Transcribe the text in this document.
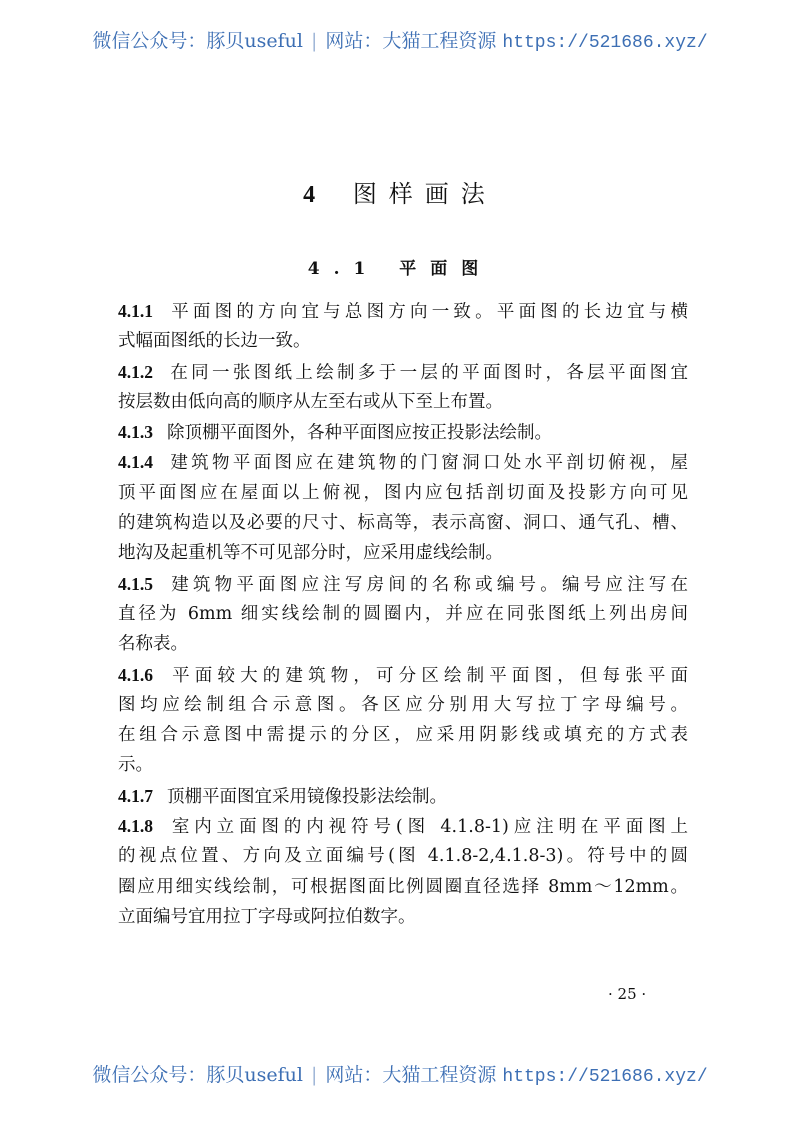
微信公众号：豚贝useful | 网站：大猫工程资源 https://521686.xyz/
4 图样画法
4.1 平面图
4.1.1 平面图的方向宜与总图方向一致。平面图的长边宜与横
式幅面图纸的长边一致。
4.1.2 在同一张图纸上绘制多于一层的平面图时，各层平面图宜
按层数由低向高的顺序从左至右或从下至上布置。
4.1.3 除顶棚平面图外，各种平面图应按正投影法绘制。
4.1.4 建筑物平面图应在建筑物的门窗洞口处水平剖切俯视，屋
顶平面图应在屋面以上俯视，图内应包括剖切面及投影方向可见
的建筑构造以及必要的尺寸、标高等，表示高窗、洞口、通气孔、槽、
地沟及起重机等不可见部分时，应采用虚线绘制。
4.1.5 建筑物平面图应注写房间的名称或编号。编号应注写在
直径为 6mm 细实线绘制的圆圈内，并应在同张图纸上列出房间
名称表。
4.1.6 平面较大的建筑物，可分区绘制平面图，但每张平面
图均应绘制组合示意图。各区应分别用大写拉丁字母编号。
在组合示意图中需提示的分区，应采用阴影线或填充的方式表
示。
4.1.7 顶棚平面图宜采用镜像投影法绘制。
4.1.8 室内立面图的内视符号(图 4.1.8-1)应注明在平面图上
的视点位置、方向及立面编号(图 4.1.8-2,4.1.8-3)。符号中的圆
圈应用细实线绘制，可根据图面比例圆圈直径选择 8mm～12mm。
立面编号宜用拉丁字母或阿拉伯数字。
· 25 ·
微信公众号：豚贝useful | 网站：大猫工程资源 https://521686.xyz/
